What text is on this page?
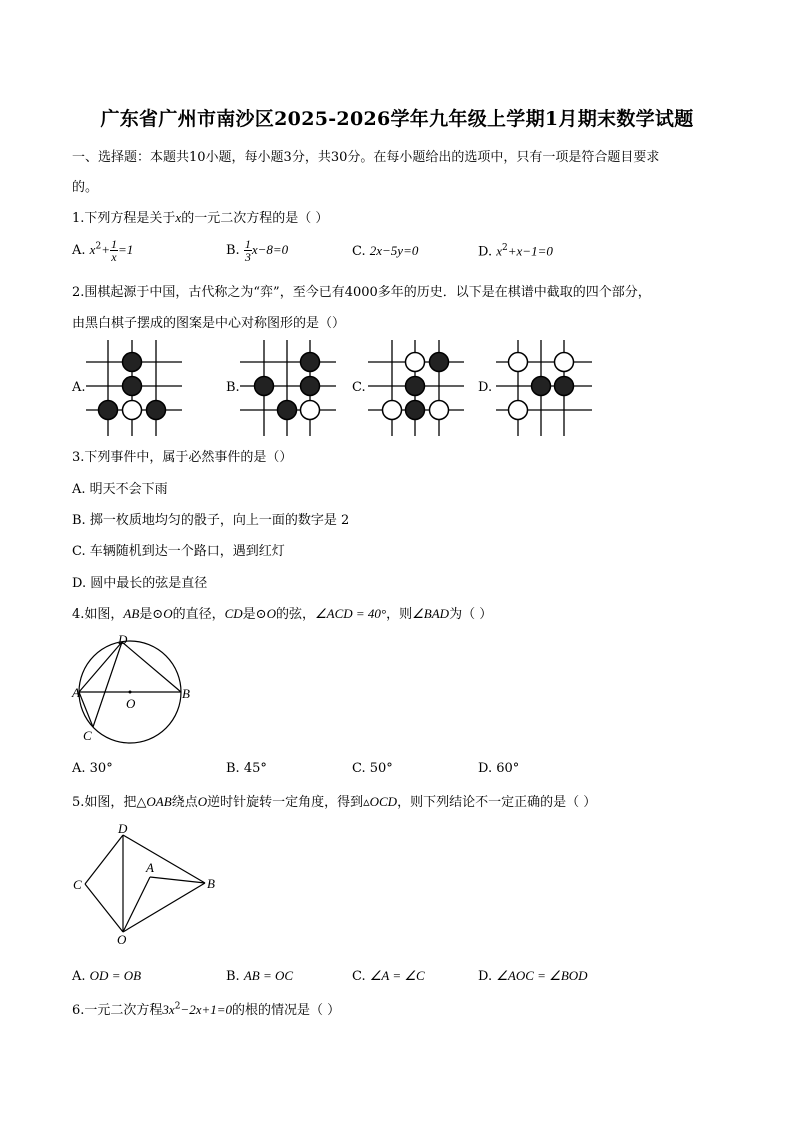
广东省广州市南沙区2025-2026学年九年级上学期1月期末数学试题
一、选择题：本题共10小题，每小题3分，共30分。在每小题给出的选项中，只有一项是符合题目要求
的。
1.下列方程是关于x的一元二次方程的是（ ）
A. $x^2+ \frac{1}{x} =1$	B. $\frac{1}{3} x-8=0$	C. 2x−5y=0	D. $x^2+x-1=0$
2.围棋起源于中国，古代称之为“弈”，至今已有4000多年的历史．以下是在棋谱中截取的四个部分，
由黑白棋子摆成的图案是中心对称图形的是（）
A.	B.	C.	D.
3.下列事件中，属于必然事件的是（）
A. 明天不会下雨
B. 掷一枚质地均匀的骰子，向上一面的数字是 2
C. 车辆随机到达一个路口，遇到红灯
D. 圆中最长的弦是直径
4.如图，AB是⊙O的直径，CD是⊙O的弦，∠ACD = 40°，则∠BAD为（ ）
D
A
O
B
C
A. 30°	B. 45°	C. 50°	D. 60°
5.如图，把△OAB绕点O逆时针旋转一定角度，得到▵OCD，则下列结论不一定正确的是（ ）
D
C
A
B
O
A. OD = OB	B. AB = OC	C. ∠A = ∠C	D. ∠AOC = ∠BOD
6.一元二次方程$3x^2-2x+1=0$的根的情况是（ ）
